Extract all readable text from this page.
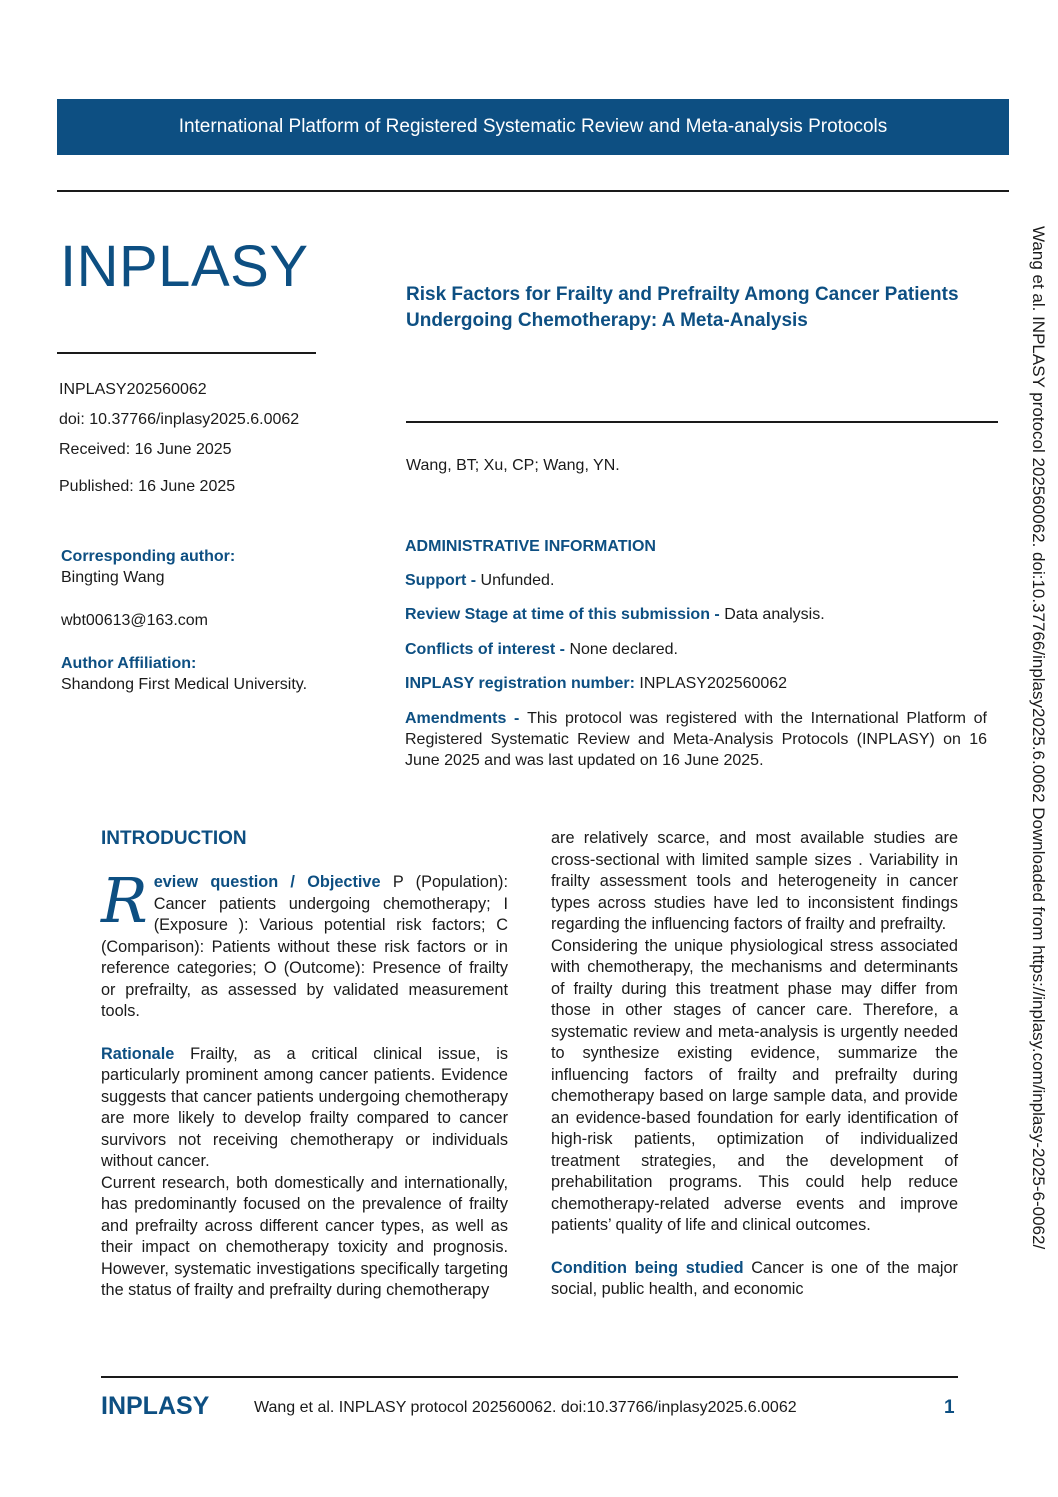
International Platform of Registered Systematic Review and Meta-analysis Protocols
INPLASY
INPLASY202560062
doi: 10.37766/inplasy2025.6.0062
Received: 16 June 2025
Published: 16 June 2025
Risk Factors for Frailty and Prefrailty Among Cancer Patients Undergoing Chemotherapy: A Meta-Analysis
Wang, BT; Xu, CP; Wang, YN.
Corresponding author:
Bingting Wang
wbt00613@163.com
Author Affiliation:
Shandong First Medical University.
ADMINISTRATIVE INFORMATION
Support - Unfunded.
Review Stage at time of this submission - Data analysis.
Conflicts of interest - None declared.
INPLASY registration number: INPLASY202560062
Amendments - This protocol was registered with the International Platform of Registered Systematic Review and Meta-Analysis Protocols (INPLASY) on 16 June 2025 and was last updated on 16 June 2025.
INTRODUCTION

Review question / Objective P (Population): Cancer patients undergoing chemotherapy; I (Exposure ): Various potential risk factors; C (Comparison): Patients without these risk factors or in reference categories; O (Outcome): Presence of frailty or prefrailty, as assessed by validated measurement tools.

Rationale Frailty, as a critical clinical issue, is particularly prominent among cancer patients. Evidence suggests that cancer patients undergoing chemotherapy are more likely to develop frailty compared to cancer survivors not receiving chemotherapy or individuals without cancer.

Current research, both domestically and internationally, has predominantly focused on the prevalence of frailty and prefrailty across different cancer types, as well as their impact on chemotherapy toxicity and prognosis. However, systematic investigations specifically targeting the status of frailty and prefrailty during chemotherapy

are relatively scarce, and most available studies are cross-sectional with limited sample sizes . Variability in frailty assessment tools and heterogeneity in cancer types across studies have led to inconsistent findings regarding the influencing factors of frailty and prefrailty.

Considering the unique physiological stress associated with chemotherapy, the mechanisms and determinants of frailty during this treatment phase may differ from those in other stages of cancer care. Therefore, a systematic review and meta-analysis is urgently needed to synthesize existing evidence, summarize the influencing factors of frailty and prefrailty during chemotherapy based on large sample data, and provide an evidence-based foundation for early identification of high-risk patients, optimization of individualized treatment strategies, and the development of prehabilitation programs. This could help reduce chemotherapy-related adverse events and improve patients’ quality of life and clinical outcomes.

Condition being studied Cancer is one of the major social, public health, and economic

Wang et al. INPLASY protocol 202560062. doi:10.37766/inplasy2025.6.0062 Downloaded from https://inplasy.com/inplasy-2025-6-0062/
INPLASY	Wang et al. INPLASY protocol 202560062. doi:10.37766/inplasy2025.6.0062	1
